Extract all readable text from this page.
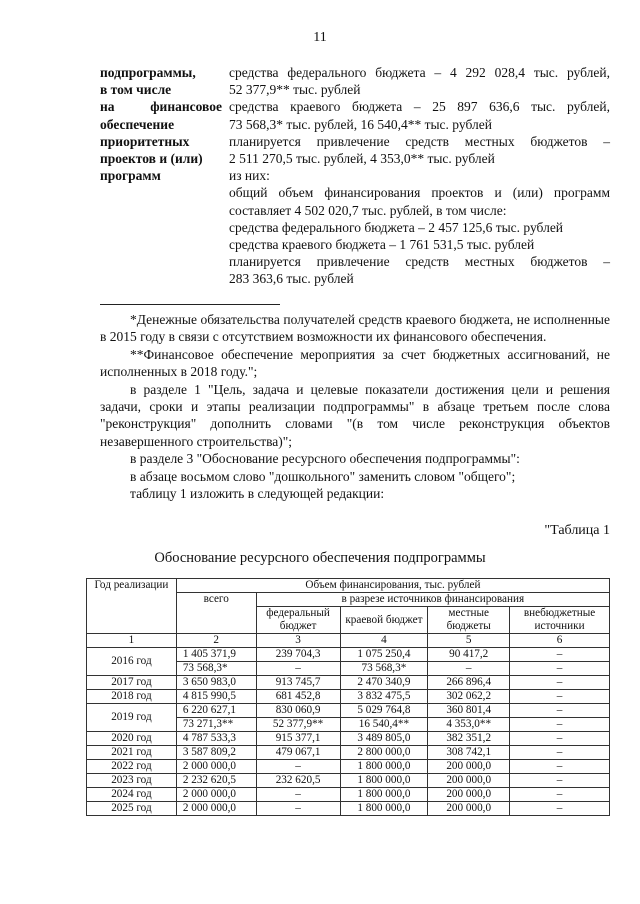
11
подпрограммы,
в том числе
на	финансовое
обеспечение
приоритетных
проектов и (или)
программ
средства федерального бюджета – 4 292 028,4 тыс. рублей,
52 377,9** тыс. рублей
средства краевого бюджета – 25 897 636,6 тыс. рублей,
73 568,3* тыс. рублей, 16 540,4** тыс. рублей
планируется привлечение средств местных бюджетов –
2 511 270,5 тыс. рублей, 4 353,0** тыс. рублей
из них:
общий объем финансирования проектов и (или) программ
составляет 4 502 020,7 тыс. рублей, в том числе:
средства федерального бюджета – 2 457 125,6 тыс. рублей
средства краевого бюджета – 1 761 531,5 тыс. рублей
планируется привлечение средств местных бюджетов –
283 363,6 тыс. рублей

*Денежные обязательства получателей средств краевого бюджета, не исполненные в 2015 году в связи с отсутствием возможности их финансового обеспечения.

**Финансовое обеспечение мероприятия за счет бюджетных ассигнований, не исполненных в 2018 году.";

в разделе 1 "Цель, задача и целевые показатели достижения цели и решения задачи, сроки и этапы реализации подпрограммы" в абзаце третьем после слова "реконструкция" дополнить словами "(в том числе реконструкция объектов незавершенного строительства)";

в разделе 3 "Обоснование ресурсного обеспечения подпрограммы":

в абзаце восьмом слово "дошкольного" заменить словом "общего";

таблицу 1 изложить в следующей редакции:

"Таблица 1
Обоснование ресурсного обеспечения подпрограммы
Год реализации	Объем финансирования, тыс. рублей				
	всего	в разрезе источников финансирования			
		федеральный бюджет	краевой бюджет	местные бюджеты	внебюджетные источники
1	2	3	4	5	6
2016 год	1 405 371,9	239 704,3	1 075 250,4	90 417,2	–
	73 568,3*	–	73 568,3*	–	–
2017 год	3 650 983,0	913 745,7	2 470 340,9	266 896,4	–
2018 год	4 815 990,5	681 452,8	3 832 475,5	302 062,2	–
2019 год	6 220 627,1	830 060,9	5 029 764,8	360 801,4	–
	73 271,3**	52 377,9**	16 540,4**	4 353,0**	–
2020 год	4 787 533,3	915 377,1	3 489 805,0	382 351,2	–
2021 год	3 587 809,2	479 067,1	2 800 000,0	308 742,1	–
2022 год	2 000 000,0	–	1 800 000,0	200 000,0	–
2023 год	2 232 620,5	232 620,5	1 800 000,0	200 000,0	–
2024 год	2 000 000,0	–	1 800 000,0	200 000,0	–
2025 год	2 000 000,0	–	1 800 000,0	200 000,0	–
